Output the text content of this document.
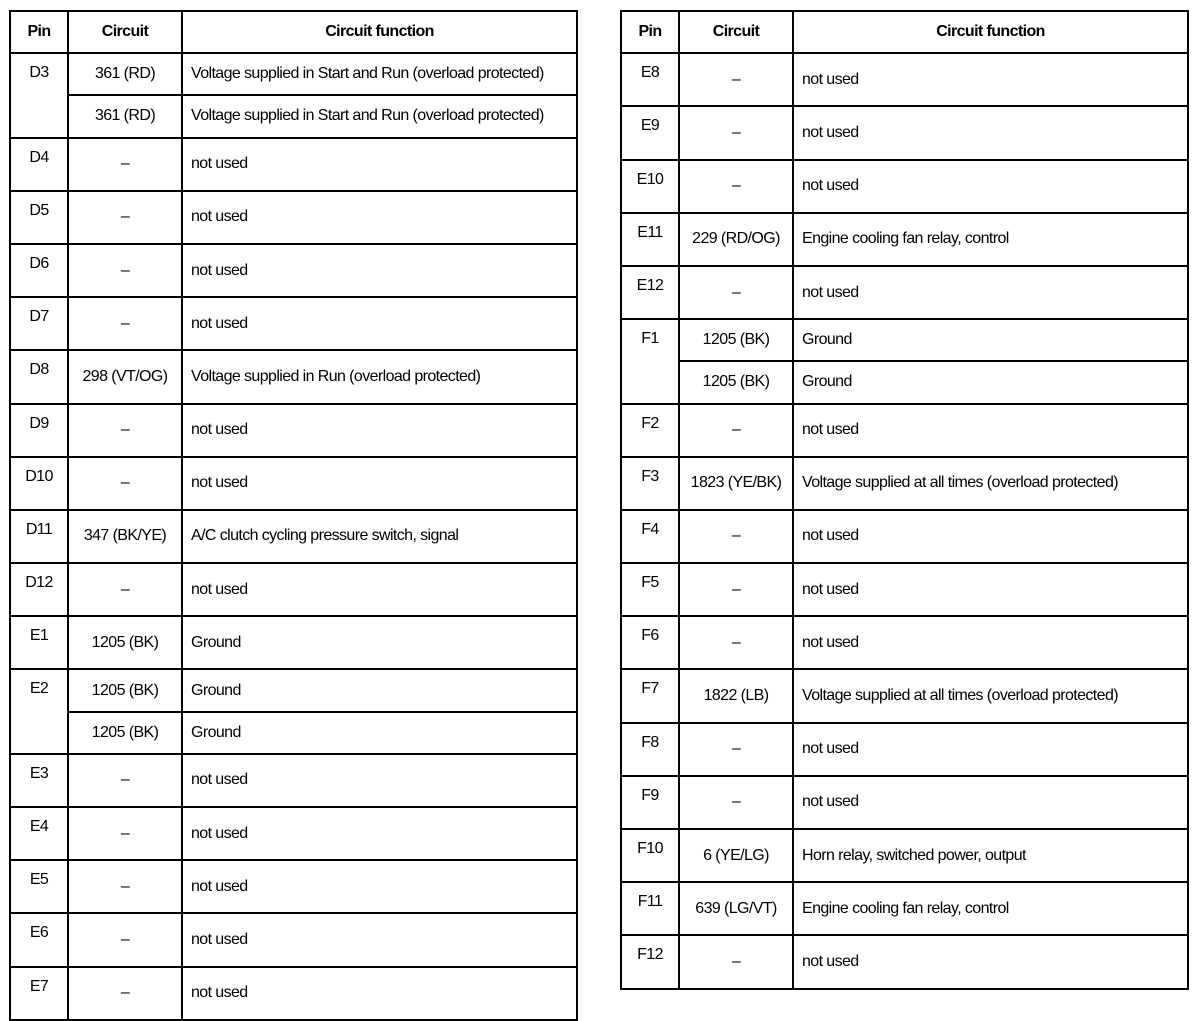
Pin	Circuit	Circuit function
D3	361 (RD)	Voltage supplied in Start and Run (overload protected)
	361 (RD)	Voltage supplied in Start and Run (overload protected)
D4	–	not used
D5	–	not used
D6	–	not used
D7	–	not used
D8	298 (VT/OG)	Voltage supplied in Run (overload protected)
D9	–	not used
D10	–	not used
D11	347 (BK/YE)	A/C clutch cycling pressure switch, signal
D12	–	not used
E1	1205 (BK)	Ground
E2	1205 (BK)	Ground
	1205 (BK)	Ground
E3	–	not used
E4	–	not used
E5	–	not used
E6	–	not used
E7	–	not used
Pin	Circuit	Circuit function
E8	–	not used
E9	–	not used
E10	–	not used
E11	229 (RD/OG)	Engine cooling fan relay, control
E12	–	not used
F1	1205 (BK)	Ground
	1205 (BK)	Ground
F2	–	not used
F3	1823 (YE/BK)	Voltage supplied at all times (overload protected)
F4	–	not used
F5	–	not used
F6	–	not used
F7	1822 (LB)	Voltage supplied at all times (overload protected)
F8	–	not used
F9	–	not used
F10	6 (YE/LG)	Horn relay, switched power, output
F11	639 (LG/VT)	Engine cooling fan relay, control
F12	–	not used
